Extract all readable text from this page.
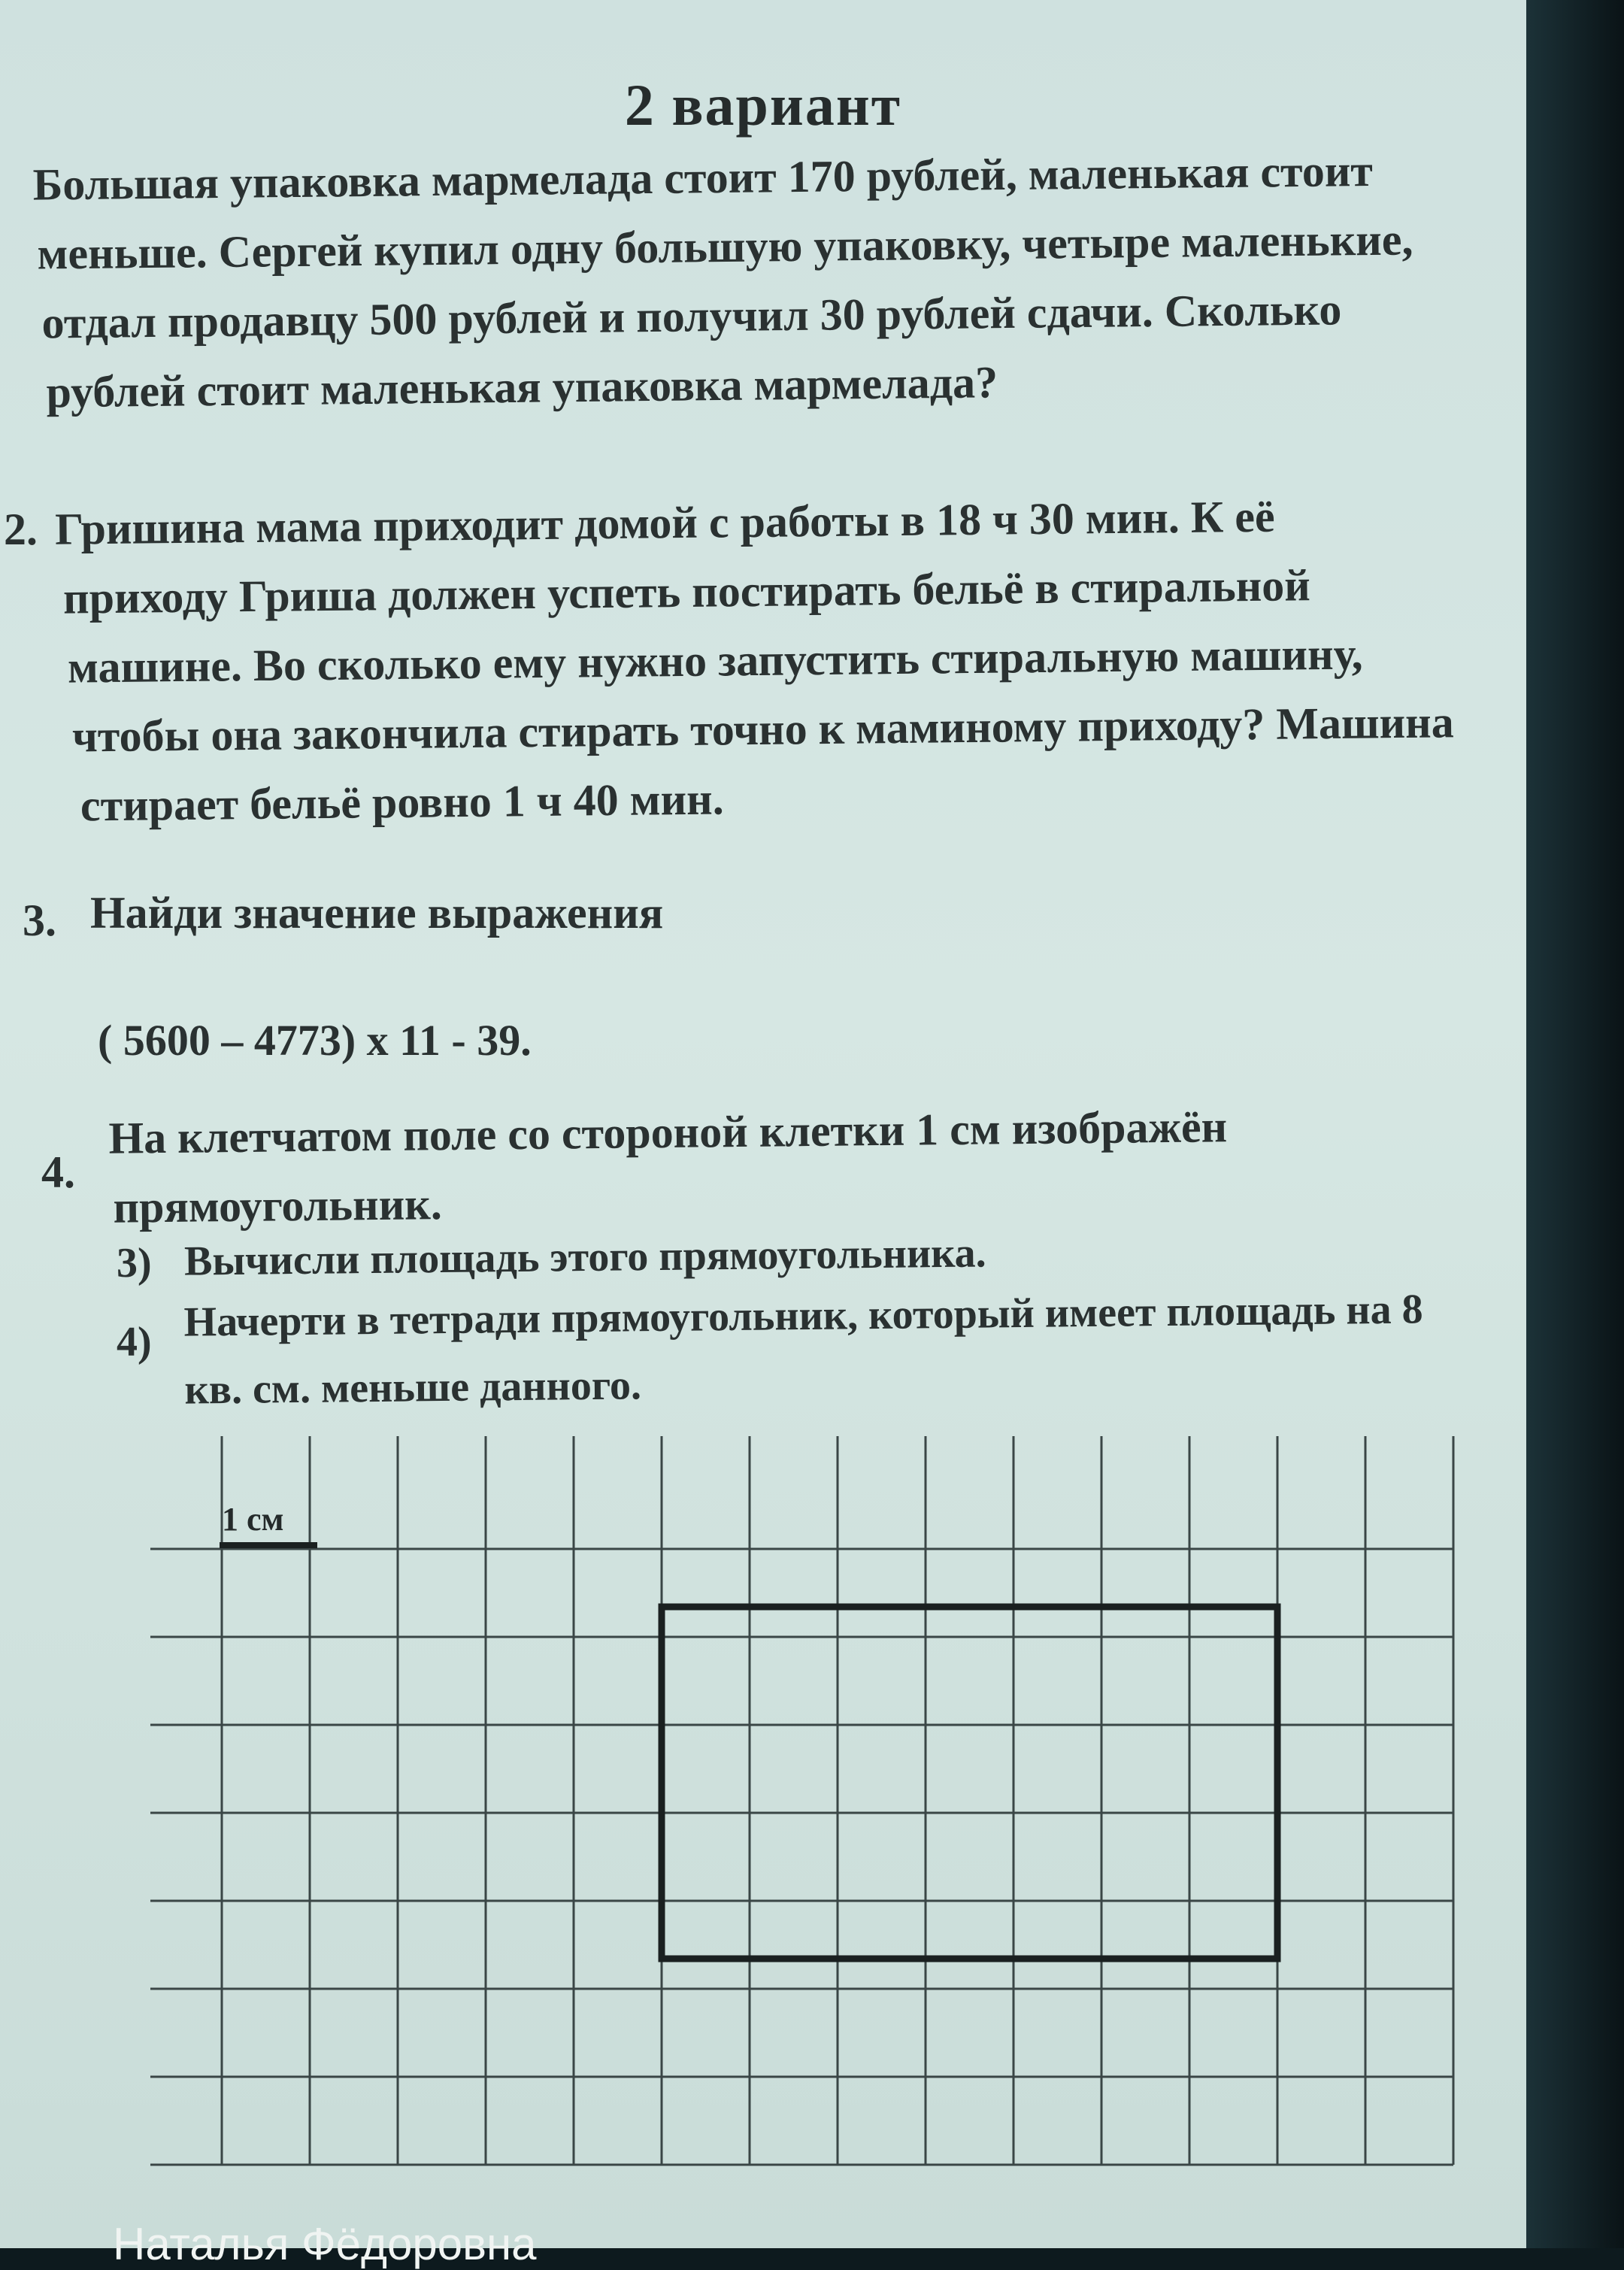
2 вариант
Большая упаковка мармелада стоит 170 рублей, маленькая стоит
меньше. Сергей купил одну большую упаковку, четыре маленькие,
отдал продавцу 500 рублей и получил 30 рублей сдачи. Сколько
рублей стоит маленькая упаковка мармелада?
2. Гришина мама приходит домой с работы в 18 ч 30 мин. К её
приходу Гриша должен успеть постирать бельё в стиральной
машине. Во сколько ему нужно запустить стиральную машину,
чтобы она закончила стирать точно к маминому приходу? Машина
стирает бельё ровно 1 ч 40 мин.
3. Найди значение выражения
( 5600 – 4773) х 11 - 39.
4.
На клетчатом поле со стороной клетки 1 см изображён
прямоугольник.
3) Вычисли площадь этого прямоугольника.
4) Начерти в тетради прямоугольник, который имеет площадь на 8
кв. см. меньше данного.
1 см
Наталья Фёдоровна
